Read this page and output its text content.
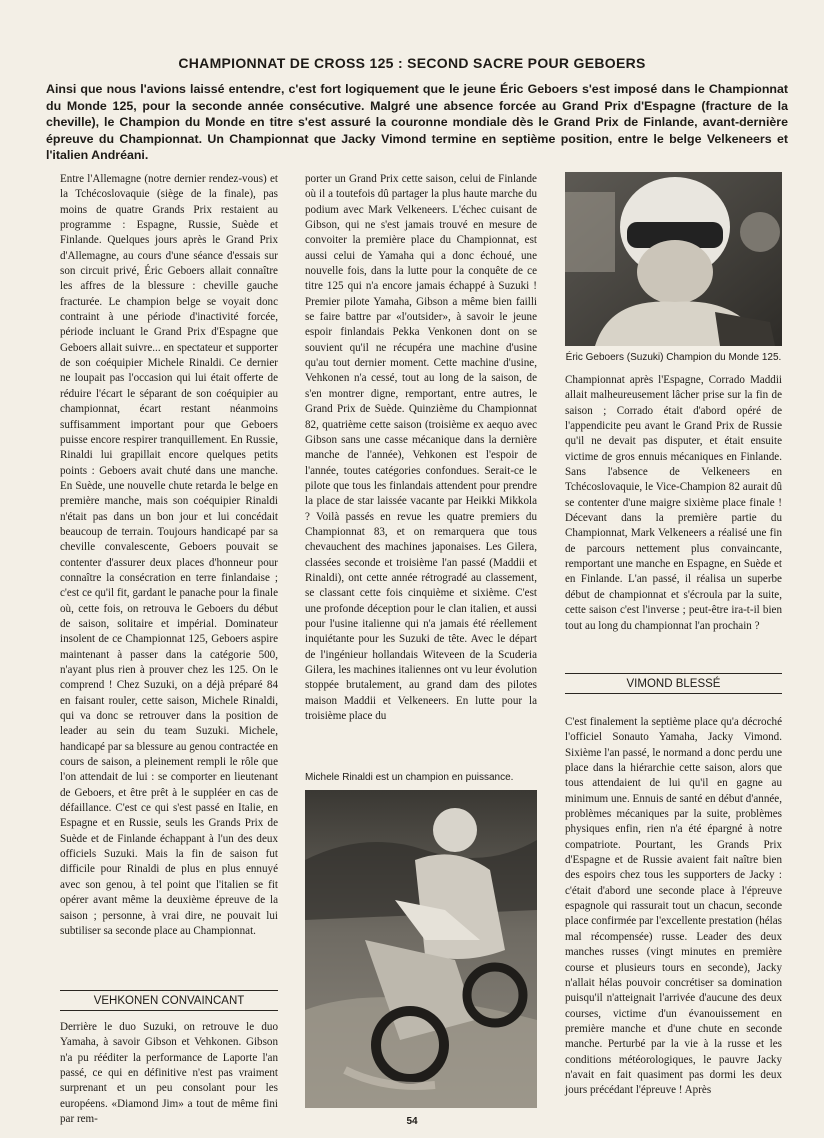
CHAMPIONNAT DE CROSS 125 : SECOND SACRE POUR GEBOERS
Ainsi que nous l'avions laissé entendre, c'est fort logiquement que le jeune Éric Geboers s'est imposé dans le Championnat du Monde 125, pour la seconde année consécutive. Malgré une absence forcée au Grand Prix d'Espagne (fracture de la cheville), le Champion du Monde en titre s'est assuré la couronne mondiale dès le Grand Prix de Finlande, avant-dernière épreuve du Championnat. Un Championnat que Jacky Vimond termine en septième position, entre le belge Velkeneers et l'italien Andréani.

Entre l'Allemagne (notre dernier rendez-vous) et la Tchécoslovaquie (siège de la finale), pas moins de quatre Grands Prix restaient au programme : Espagne, Russie, Suède et Finlande. Quelques jours après le Grand Prix d'Allemagne, au cours d'une séance d'essais sur son circuit privé, Éric Geboers allait connaître les affres de la blessure : cheville gauche fracturée. Le champion belge se voyait donc contraint à une période d'inactivité forcée, période incluant le Grand Prix d'Espagne que Geboers allait suivre... en spectateur et supporter de son coéquipier Michele Rinaldi. Ce dernier ne loupait pas l'occasion qui lui était offerte de réduire l'écart le séparant de son coéquipier au championnat, écart restant néanmoins suffisamment important pour que Geboers puisse encore respirer tranquillement. En Russie, Rinaldi lui grapillait encore quelques petits points : Geboers avait chuté dans une manche. En Suède, une nouvelle chute retarda le belge en première manche, mais son coéquipier Rinaldi n'était pas dans un bon jour et lui concédait beaucoup de terrain. Toujours handicapé par sa cheville convalescente, Geboers pouvait se contenter d'assurer deux places d'honneur pour connaître la consécration en terre finlandaise ; c'est ce qu'il fit, gardant le panache pour la finale où, cette fois, on retrouva le Geboers du début de saison, solitaire et impérial. Dominateur insolent de ce Championnat 125, Geboers aspire maintenant à passer dans la catégorie 500, n'ayant plus rien à prouver chez les 125. On le comprend ! Chez Suzuki, on a déjà préparé 84 en faisant rouler, cette saison, Michele Rinaldi, qui va donc se retrouver dans la position de leader au sein du team Suzuki. Michele, handicapé par sa blessure au genou contractée en cours de saison, a pleinement rempli le rôle que l'on attendait de lui : se comporter en lieutenant de Geboers, et être prêt à le suppléer en cas de défaillance. C'est ce qui s'est passé en Italie, en Espagne et en Russie, seuls les Grands Prix de Suède et de Finlande échappant à l'un des deux officiels Suzuki. Mais la fin de saison fut difficile pour Rinaldi de plus en plus ennuyé avec son genou, à tel point que l'italien se fit opérer avant même la deuxième épreuve de la saison ; personne, à vrai dire, ne pouvait lui subtiliser sa seconde place au Championnat.

VEHKONEN CONVAINCANT

Derrière le duo Suzuki, on retrouve le duo Yamaha, à savoir Gibson et Vehkonen. Gibson n'a pu rééditer la performance de Laporte l'an passé, ce qui en définitive n'est pas vraiment surprenant et un peu consolant pour les européens. «Diamond Jim» a tout de même fini par rem-

porter un Grand Prix cette saison, celui de Finlande où il a toutefois dû partager la plus haute marche du podium avec Mark Velkeneers. L'échec cuisant de Gibson, qui ne s'est jamais trouvé en mesure de convoiter la première place du Championnat, est aussi celui de Yamaha qui a donc échoué, une nouvelle fois, dans la lutte pour la conquête de ce titre 125 qui n'a encore jamais échappé à Suzuki ! Premier pilote Yamaha, Gibson a même bien failli se faire battre par «l'outsider», à savoir le jeune espoir finlandais Pekka Venkonen dont on se souvient qu'il ne récupéra une machine d'usine qu'au tout dernier moment. Cette machine d'usine, Vehkonen n'a cessé, tout au long de la saison, de s'en montrer digne, remportant, entre autres, le Grand Prix de Suède. Quinzième du Championnat 82, quatrième cette saison (troisième ex aequo avec Gibson sans une casse mécanique dans la dernière manche de l'année), Vehkonen est l'espoir de l'année, toutes catégories confondues. Serait-ce le pilote que tous les finlandais attendent pour prendre la place de star laissée vacante par Heikki Mikkola ? Voilà passés en revue les quatre premiers du Championnat 83, et on remarquera que tous chevauchent des machines japonaises. Les Gilera, classées seconde et troisième l'an passé (Maddii et Rinaldi), ont cette année rétrogradé au classement, se classant cette fois cinquième et sixième. C'est une profonde déception pour le clan italien, et aussi pour l'usine italienne qui n'a jamais été réellement inquiétante pour les Suzuki de tête. Avec le départ de l'ingénieur hollandais Witeveen de la Scuderia Gilera, les machines italiennes ont vu leur évolution stoppée brutalement, au grand dam des pilotes maison Maddii et Velkeneers. En lutte pour la troisième place du

Michele Rinaldi est un champion en puissance.
Éric Geboers (Suzuki) Champion du Monde 125.

Championnat après l'Espagne, Corrado Maddii allait malheureusement lâcher prise sur la fin de saison ; Corrado était d'abord opéré de l'appendicite peu avant le Grand Prix de Russie qu'il ne devait pas disputer, et était ensuite victime de gros ennuis mécaniques en Finlande. Sans l'absence de Velkeneers en Tchécoslovaquie, le Vice-Champion 82 aurait dû se contenter d'une maigre sixième place finale ! Décevant dans la première partie du Championnat, Mark Velkeneers a réalisé une fin de parcours nettement plus convaincante, remportant une manche en Espagne, en Suède et en Finlande. L'an passé, il réalisa un superbe début de championnat et s'écroula par la suite, cette saison c'est l'inverse ; peut-être ira-t-il bien tout au long du championnat l'an prochain ?

VIMOND BLESSÉ

C'est finalement la septième place qu'a décroché l'officiel Sonauto Yamaha, Jacky Vimond. Sixième l'an passé, le normand a donc perdu une place dans la hiérarchie cette saison, alors que tous attendaient de lui qu'il en gagne au minimum une. Ennuis de santé en début d'année, problèmes mécaniques par la suite, problèmes physiques enfin, rien n'a été épargné à notre compatriote. Pourtant, les Grands Prix d'Espagne et de Russie avaient fait naître bien des espoirs chez tous les supporters de Jacky : c'était d'abord une seconde place à l'épreuve espagnole qui rassurait tout un chacun, seconde place confirmée par l'excellente prestation (hélas mal récompensée) russe. Leader des deux manches russes (vingt minutes en première course et plusieurs tours en seconde), Jacky n'allait hélas pouvoir concrétiser sa domination puisqu'il n'atteignait l'arrivée d'aucune des deux courses, victime d'un évanouissement en première manche et d'une chute en seconde manche. Perturbé par la vie à la russe et les conditions météorologiques, le pauvre Jacky n'avait en fait quasiment pas dormi les deux jours précédant l'épreuve ! Après

54
